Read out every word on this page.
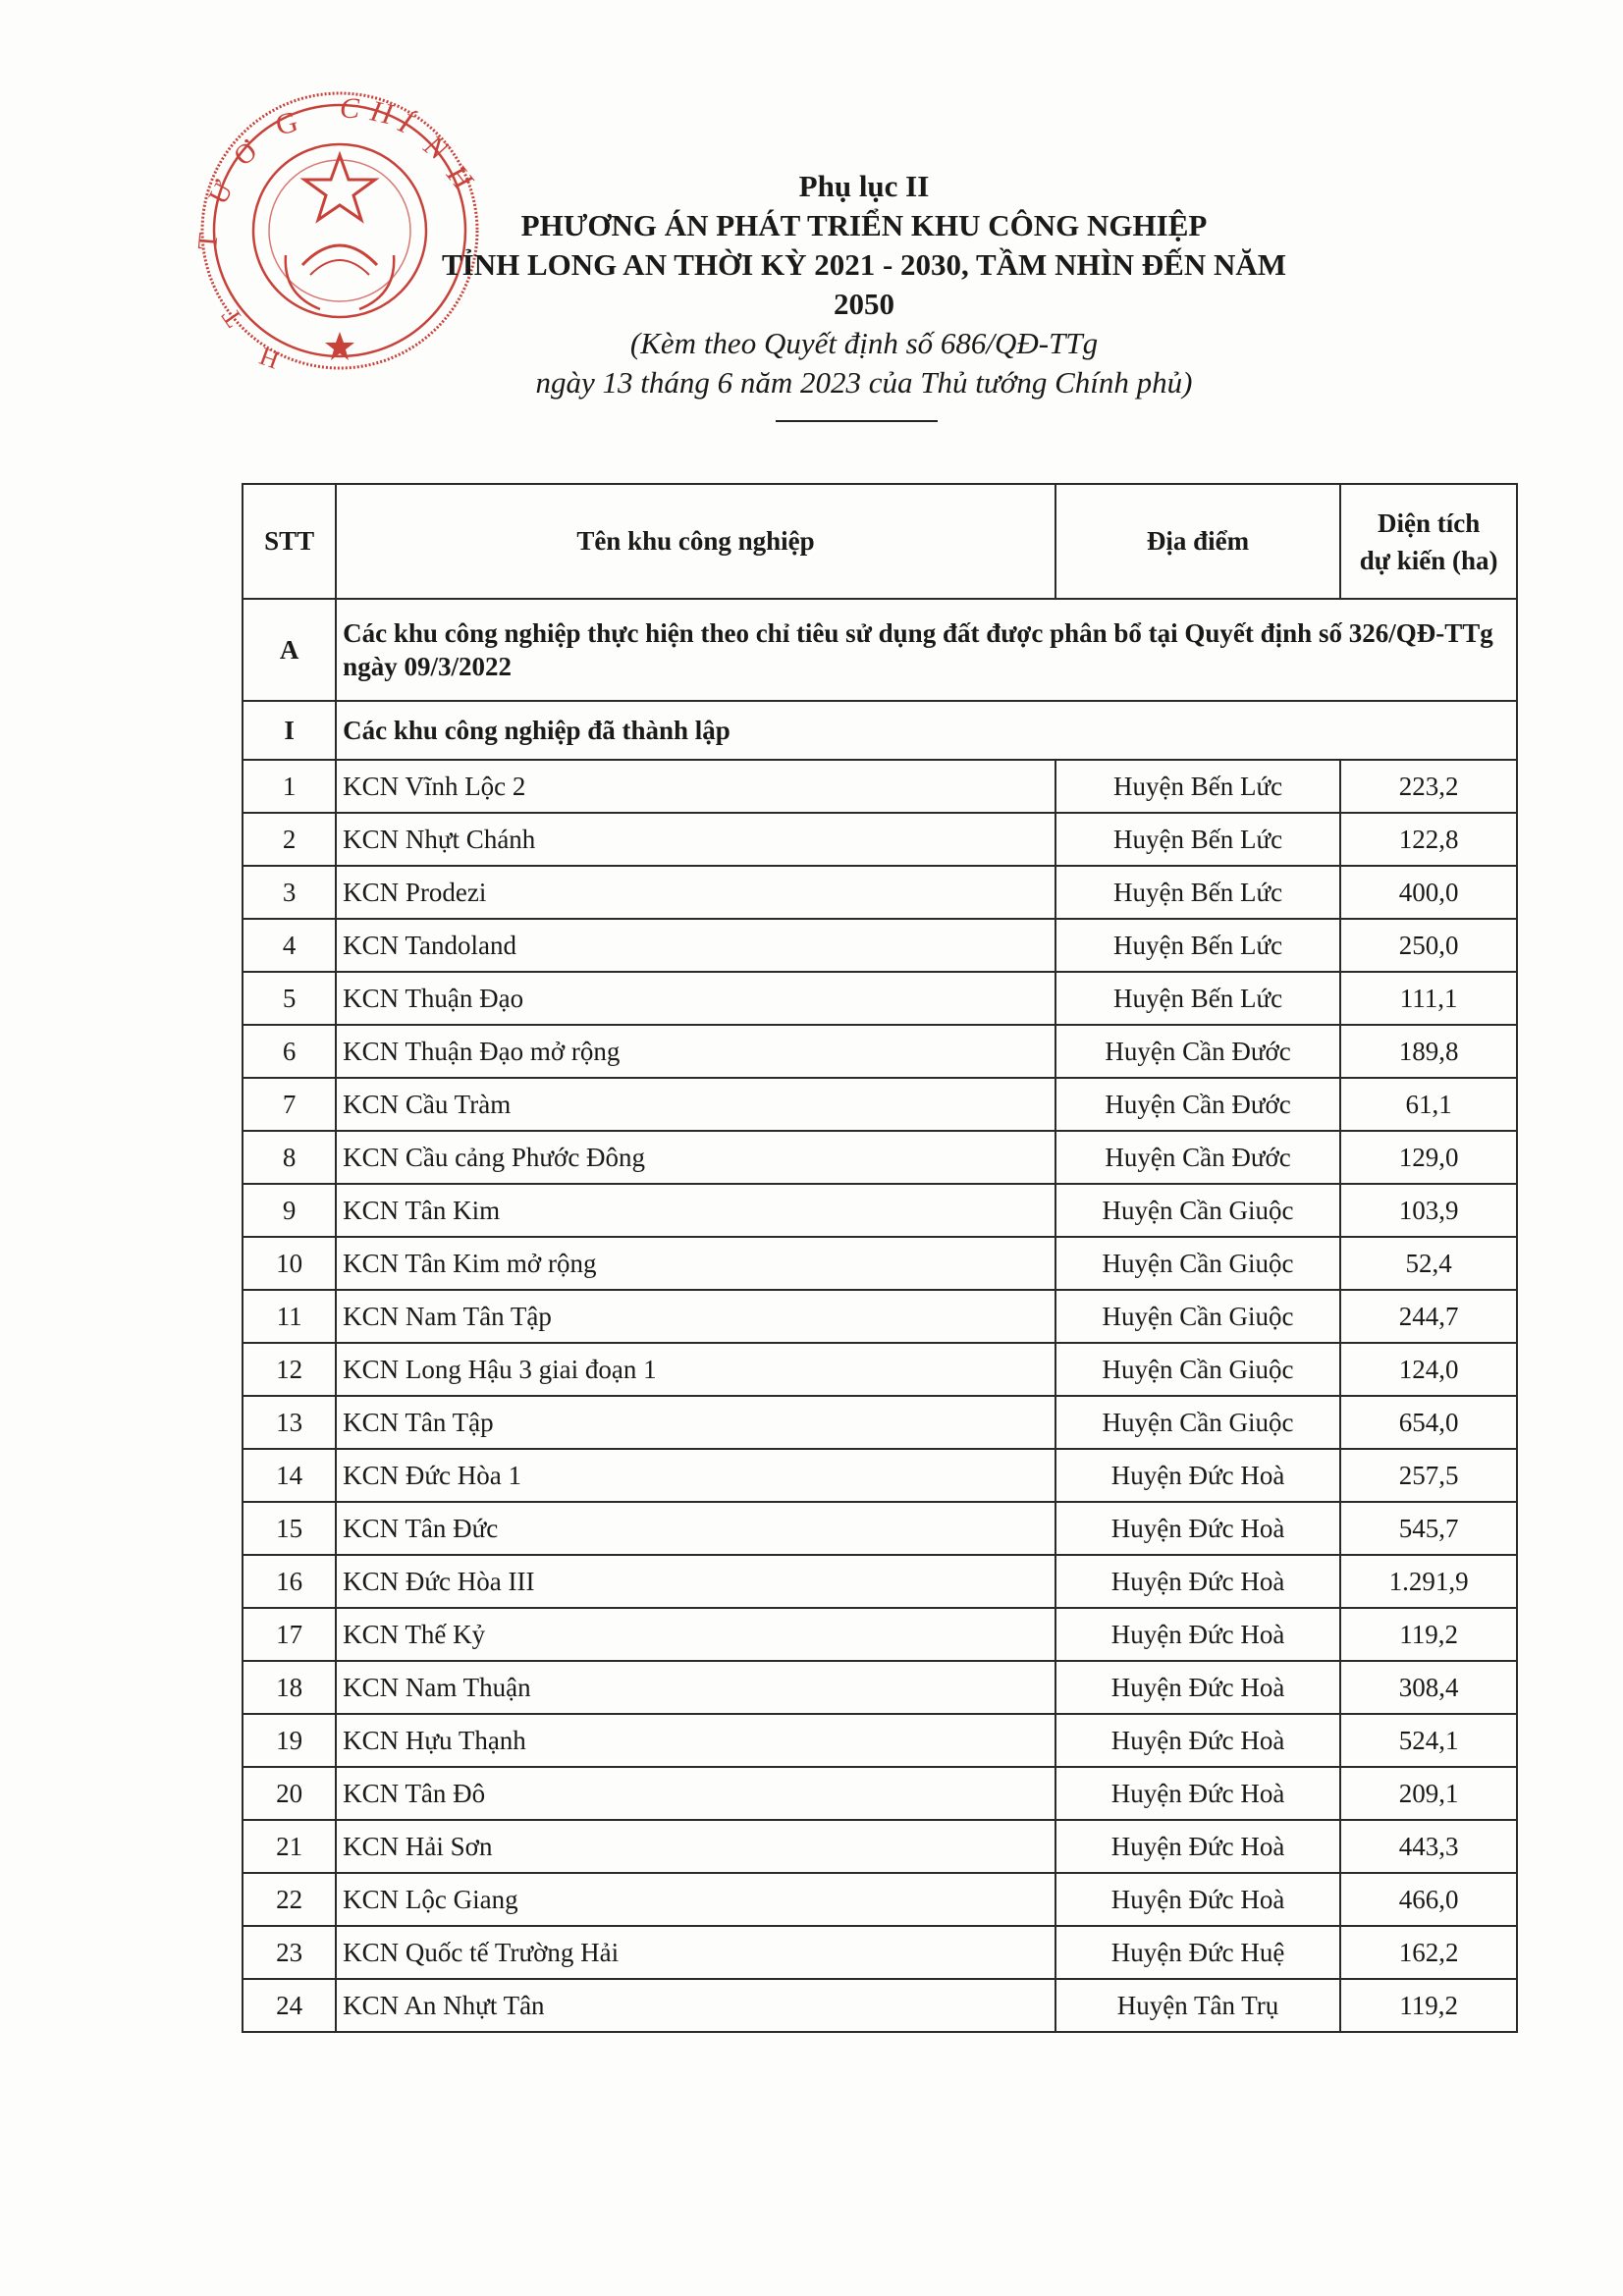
G C H
Í
N
H
Ơ
Ư
T
T
H
Phụ lục II
PHƯƠNG ÁN PHÁT TRIỂN KHU CÔNG NGHIỆP
TỈNH LONG AN THỜI KỲ 2021 - 2030, TẦM NHÌN ĐẾN NĂM 2050
(Kèm theo Quyết định số 686/QĐ-TTg
ngày 13 tháng 6 năm 2023 của Thủ tướng Chính phủ)
STT	Tên khu công nghiệp	Địa điểm	Diện tích
dự kiến (ha)

A	Các khu công nghiệp thực hiện theo chỉ tiêu sử dụng đất được phân bổ tại Quyết định số 326/QĐ-TTg ngày 09/3/2022		
I	Các khu công nghiệp đã thành lập		
1	KCN Vĩnh Lộc 2	Huyện Bến Lức	223,2
2	KCN Nhựt Chánh	Huyện Bến Lức	122,8
3	KCN Prodezi	Huyện Bến Lức	400,0
4	KCN Tandoland	Huyện Bến Lức	250,0
5	KCN Thuận Đạo	Huyện Bến Lức	111,1
6	KCN Thuận Đạo mở rộng	Huyện Cần Đước	189,8
7	KCN Cầu Tràm	Huyện Cần Đước	61,1
8	KCN Cầu cảng Phước Đông	Huyện Cần Đước	129,0
9	KCN Tân Kim	Huyện Cần Giuộc	103,9
10	KCN Tân Kim mở rộng	Huyện Cần Giuộc	52,4
11	KCN Nam Tân Tập	Huyện Cần Giuộc	244,7
12	KCN Long Hậu 3 giai đoạn 1	Huyện Cần Giuộc	124,0
13	KCN Tân Tập	Huyện Cần Giuộc	654,0
14	KCN Đức Hòa 1	Huyện Đức Hoà	257,5
15	KCN Tân Đức	Huyện Đức Hoà	545,7
16	KCN Đức Hòa III	Huyện Đức Hoà	1.291,9
17	KCN Thế Kỷ	Huyện Đức Hoà	119,2
18	KCN Nam Thuận	Huyện Đức Hoà	308,4
19	KCN Hựu Thạnh	Huyện Đức Hoà	524,1
20	KCN Tân Đô	Huyện Đức Hoà	209,1
21	KCN Hải Sơn	Huyện Đức Hoà	443,3
22	KCN Lộc Giang	Huyện Đức Hoà	466,0
23	KCN Quốc tế Trường Hải	Huyện Đức Huệ	162,2
24	KCN An Nhựt Tân	Huyện Tân Trụ	119,2
